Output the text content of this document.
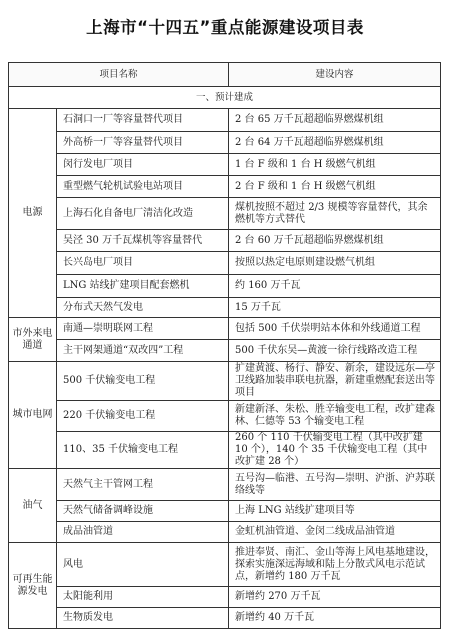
上海市“十四五”重点能源建设项目表
项目名称		建设内容
一、预计建成		
电源	石洞口一厂等容量替代项目	2 台 65 万千瓦超超临界燃煤机组
	外高桥一厂等容量替代项目	2 台 64 万千瓦超超临界燃煤机组
	闵行发电厂项目	1 台 F 级和 1 台 H 级燃气机组
	重型燃气轮机试验电站项目	2 台 F 级和 1 台 H 级燃气机组
	上海石化自备电厂清洁化改造	煤机按照不超过 2/3 规模等容量替代，其余燃机等方式替代
	吴泾 30 万千瓦煤机等容量替代	2 台 60 万千瓦超超临界燃煤机组
	长兴岛电厂项目	按照以热定电原则建设燃气机组
	LNG 站线扩建项目配套燃机	约 160 万千瓦
	分布式天然气发电	15 万千瓦
市外来电通道	南通—崇明联网工程	包括 500 千伏崇明站本体和外线通道工程
	主干网架通道“双改四”工程	500 千伏东吴—黄渡一徐行线路改造工程
城市电网	500 千伏输变电工程	扩建黄渡、杨行、静安、新余，建设远东—亭卫线路加装串联电抗器，新建重燃配套送出等项目
	220 千伏输变电工程	新建新泽、朱松、胜辛输变电工程，改扩建森林、仁德等 53 个输变电工程
	110、35 千伏输变电工程	260 个 110 千伏输变电工程（其中改扩建 10 个），140 个 35 千伏输变电工程（其中改扩建 28 个）
油气	天然气主干管网工程	五号沟—临港、五号沟—崇明、沪浙、沪苏联络线等
	天然气储备调峰设施	上海 LNG 站线扩建项目等
	成品油管道	金虹机油管道、金闵二线成品油管道
可再生能源发电	风电	推进奉贤、南汇、金山等海上风电基地建设，探索实施深远海域和陆上分散式风电示范试点，新增约 180 万千瓦
	太阳能利用	新增约 270 万千瓦
	生物质发电	新增约 40 万千瓦
